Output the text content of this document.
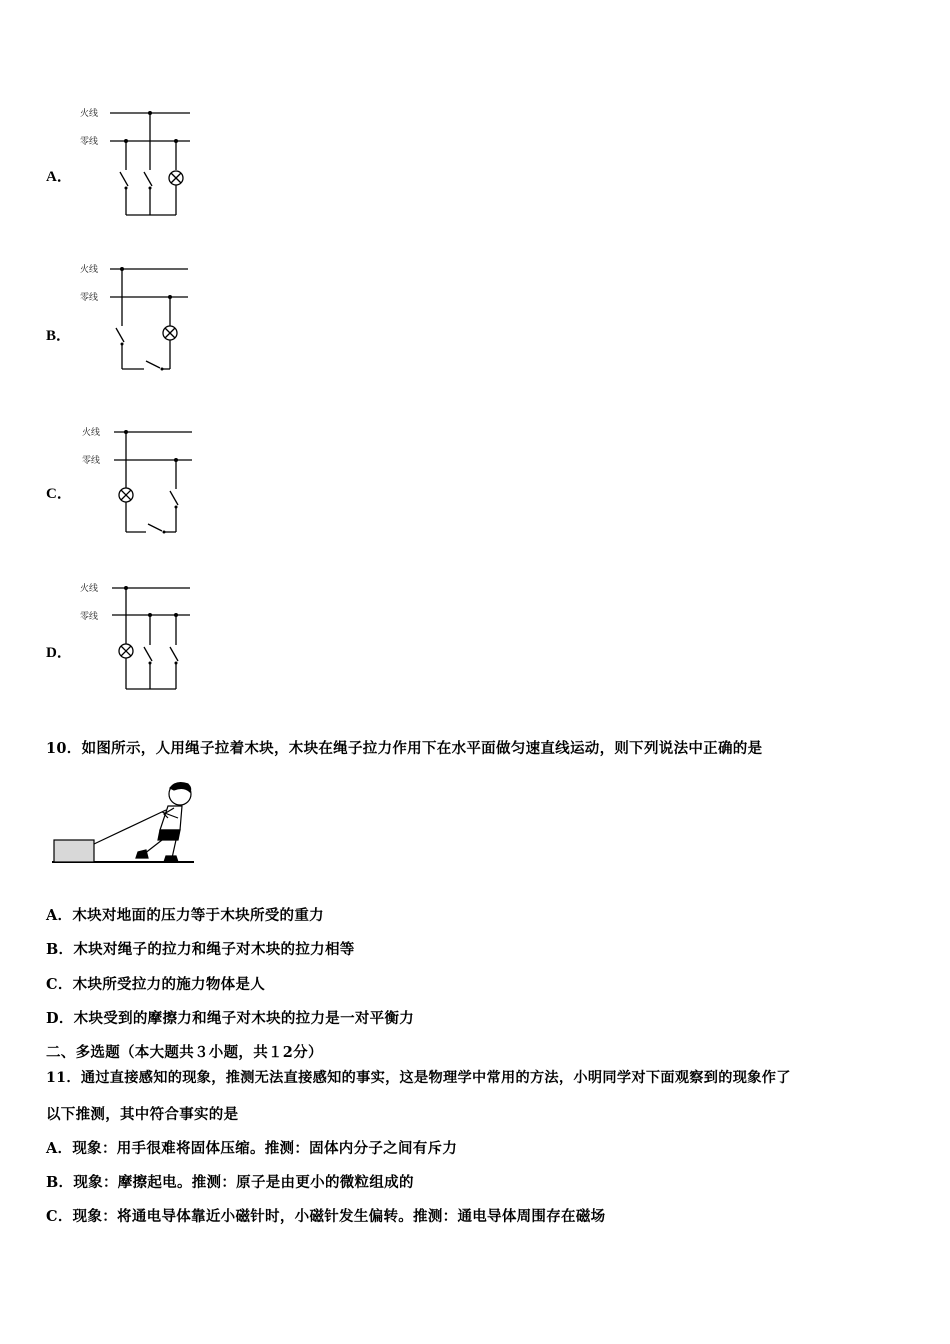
A．
火线
零线
B．
火线
零线
C．
火线
零线
D．
火线
零线
10．如图所示，人用绳子拉着木块，木块在绳子拉力作用下在水平面做匀速直线运动，则下列说法中正确的是
A．木块对地面的压力等于木块所受的重力
B．木块对绳子的拉力和绳子对木块的拉力相等
C．木块所受拉力的施力物体是人
D．木块受到的摩擦力和绳子对木块的拉力是一对平衡力
二、多选题（本大题共３小题，共１2分）
11．通过直接感知的现象，推测无法直接感知的事实，这是物理学中常用的方法，小明同学对下面观察到的现象作了
以下推测，其中符合事实的是
A．现象：用手很难将固体压缩。推测：固体内分子之间有斥力
B．现象：摩擦起电。推测：原子是由更小的微粒组成的
C．现象：将通电导体靠近小磁针时，小磁针发生偏转。推测：通电导体周围存在磁场
